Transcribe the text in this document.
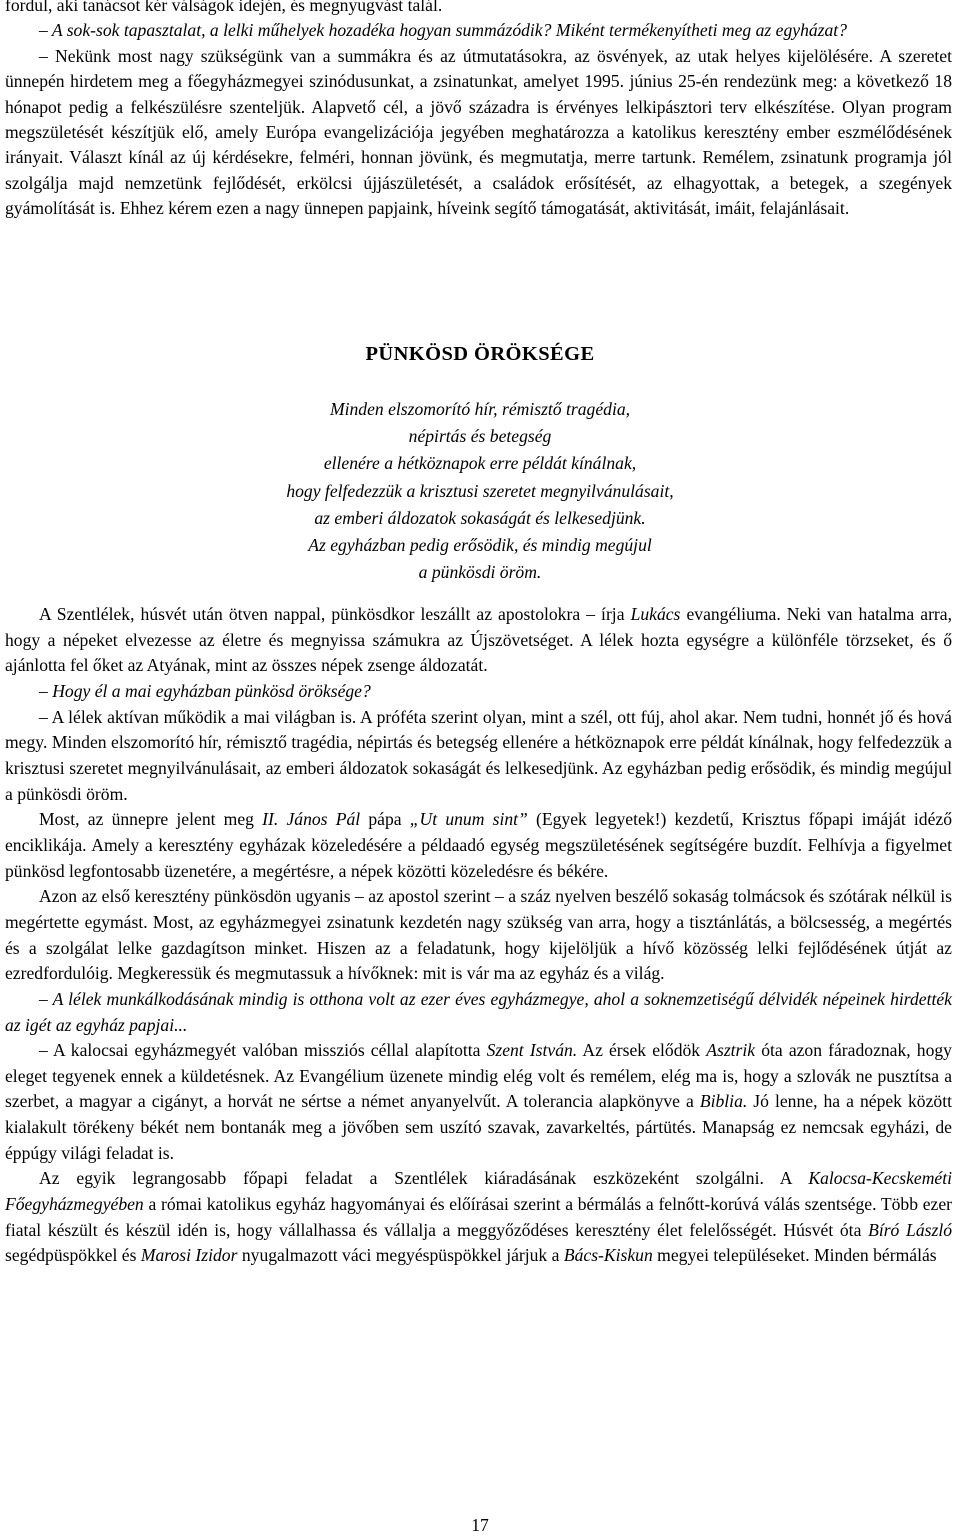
fordul, aki tanácsot kér válságok idején, és megnyugvást talál.

– A sok-sok tapasztalat, a lelki műhelyek hozadéka hogyan summázódik? Miként termékenyítheti meg az egyházat?

– Nekünk most nagy szükségünk van a summákra és az útmutatásokra, az ösvények, az utak helyes kijelölésére. A szeretet ünnepén hirdetem meg a főegyházmegyei szinódusunkat, a zsinatunkat, amelyet 1995. június 25-én rendezünk meg: a következő 18 hónapot pedig a felkészülésre szenteljük. Alapvető cél, a jövő századra is érvényes lelkipásztori terv elkészítése. Olyan program megszületését készítjük elő, amely Európa evangelizációja jegyében meghatározza a katolikus keresztény ember eszmélődésének irányait. Választ kínál az új kérdésekre, felméri, honnan jövünk, és megmutatja, merre tartunk. Remélem, zsinatunk programja jól szolgálja majd nemzetünk fejlődését, erkölcsi újjászületését, a családok erősítését, az elhagyottak, a betegek, a szegények gyámolítását is. Ehhez kérem ezen a nagy ünnepen papjaink, híveink segítő támogatását, aktivitását, imáit, felajánlásait.

PÜNKÖSD ÖRÖKSÉGE
Minden elszomorító hír, rémisztő tragédia,
népirtás és betegség
ellenére a hétköznapok erre példát kínálnak,
hogy felfedezzük a krisztusi szeretet megnyilvánulásait,
az emberi áldozatok sokaságát és lelkesedjünk.
Az egyházban pedig erősödik, és mindig megújul
a pünkösdi öröm.

A Szentlélek, húsvét után ötven nappal, pünkösdkor leszállt az apostolokra – írja Lukács evangéliuma. Neki van hatalma arra, hogy a népeket elvezesse az életre és megnyissa számukra az Újszövetséget. A lélek hozta egységre a különféle törzseket, és ő ajánlotta fel őket az Atyának, mint az összes népek zsenge áldozatát.

– Hogy él a mai egyházban pünkösd öröksége?

– A lélek aktívan működik a mai világban is. A próféta szerint olyan, mint a szél, ott fúj, ahol akar. Nem tudni, honnét jő és hová megy. Minden elszomorító hír, rémisztő tragédia, népirtás és betegség ellenére a hétköznapok erre példát kínálnak, hogy felfedezzük a krisztusi szeretet megnyilvánulásait, az emberi áldozatok sokaságát és lelkesedjünk. Az egyházban pedig erősödik, és mindig megújul a pünkösdi öröm.

Most, az ünnepre jelent meg II. János Pál pápa „Ut unum sint” (Egyek legyetek!) kezdetű, Krisztus főpapi imáját idéző enciklikája. Amely a keresztény egyházak közeledésére a példaadó egység megszületésének segítségére buzdít. Felhívja a figyelmet pünkösd legfontosabb üzenetére, a megértésre, a népek közötti közeledésre és békére.

Azon az első keresztény pünkösdön ugyanis – az apostol szerint – a száz nyelven beszélő sokaság tolmácsok és szótárak nélkül is megértette egymást. Most, az egyházmegyei zsinatunk kezdetén nagy szükség van arra, hogy a tisztánlátás, a bölcsesség, a megértés és a szolgálat lelke gazdagítson minket. Hiszen az a feladatunk, hogy kijelöljük a hívő közösség lelki fejlődésének útját az ezredfordulóig. Megkeressük és megmutassuk a hívőknek: mit is vár ma az egyház és a világ.

– A lélek munkálkodásának mindig is otthona volt az ezer éves egyházmegye, ahol a soknemzetiségű délvidék népeinek hirdették az igét az egyház papjai...

– A kalocsai egyházmegyét valóban missziós céllal alapította Szent István. Az érsek elődök Asztrik óta azon fáradoznak, hogy eleget tegyenek ennek a küldetésnek. Az Evangélium üzenete mindig elég volt és remélem, elég ma is, hogy a szlovák ne pusztítsa a szerbet, a magyar a cigányt, a horvát ne sértse a német anyanyelvűt. A tolerancia alapkönyve a Biblia. Jó lenne, ha a népek között kialakult törékeny békét nem bontanák meg a jövőben sem uszító szavak, zavarkeltés, pártütés. Manapság ez nemcsak egyházi, de éppúgy világi feladat is.

Az egyik legrangosabb főpapi feladat a Szentlélek kiáradásának eszközeként szolgálni. A Kalocsa-Kecskeméti Főegyházmegyében a római katolikus egyház hagyományai és előírásai szerint a bérmálás a felnőtt-korúvá válás szentsége. Több ezer fiatal készült és készül idén is, hogy vállalhassa és vállalja a meggyőződéses keresztény élet felelősségét. Húsvét óta Bíró László segédpüspökkel és Marosi Izidor nyugalmazott váci megyéspüspökkel járjuk a Bács-Kiskun megyei településeket. Minden bérmálás

17
